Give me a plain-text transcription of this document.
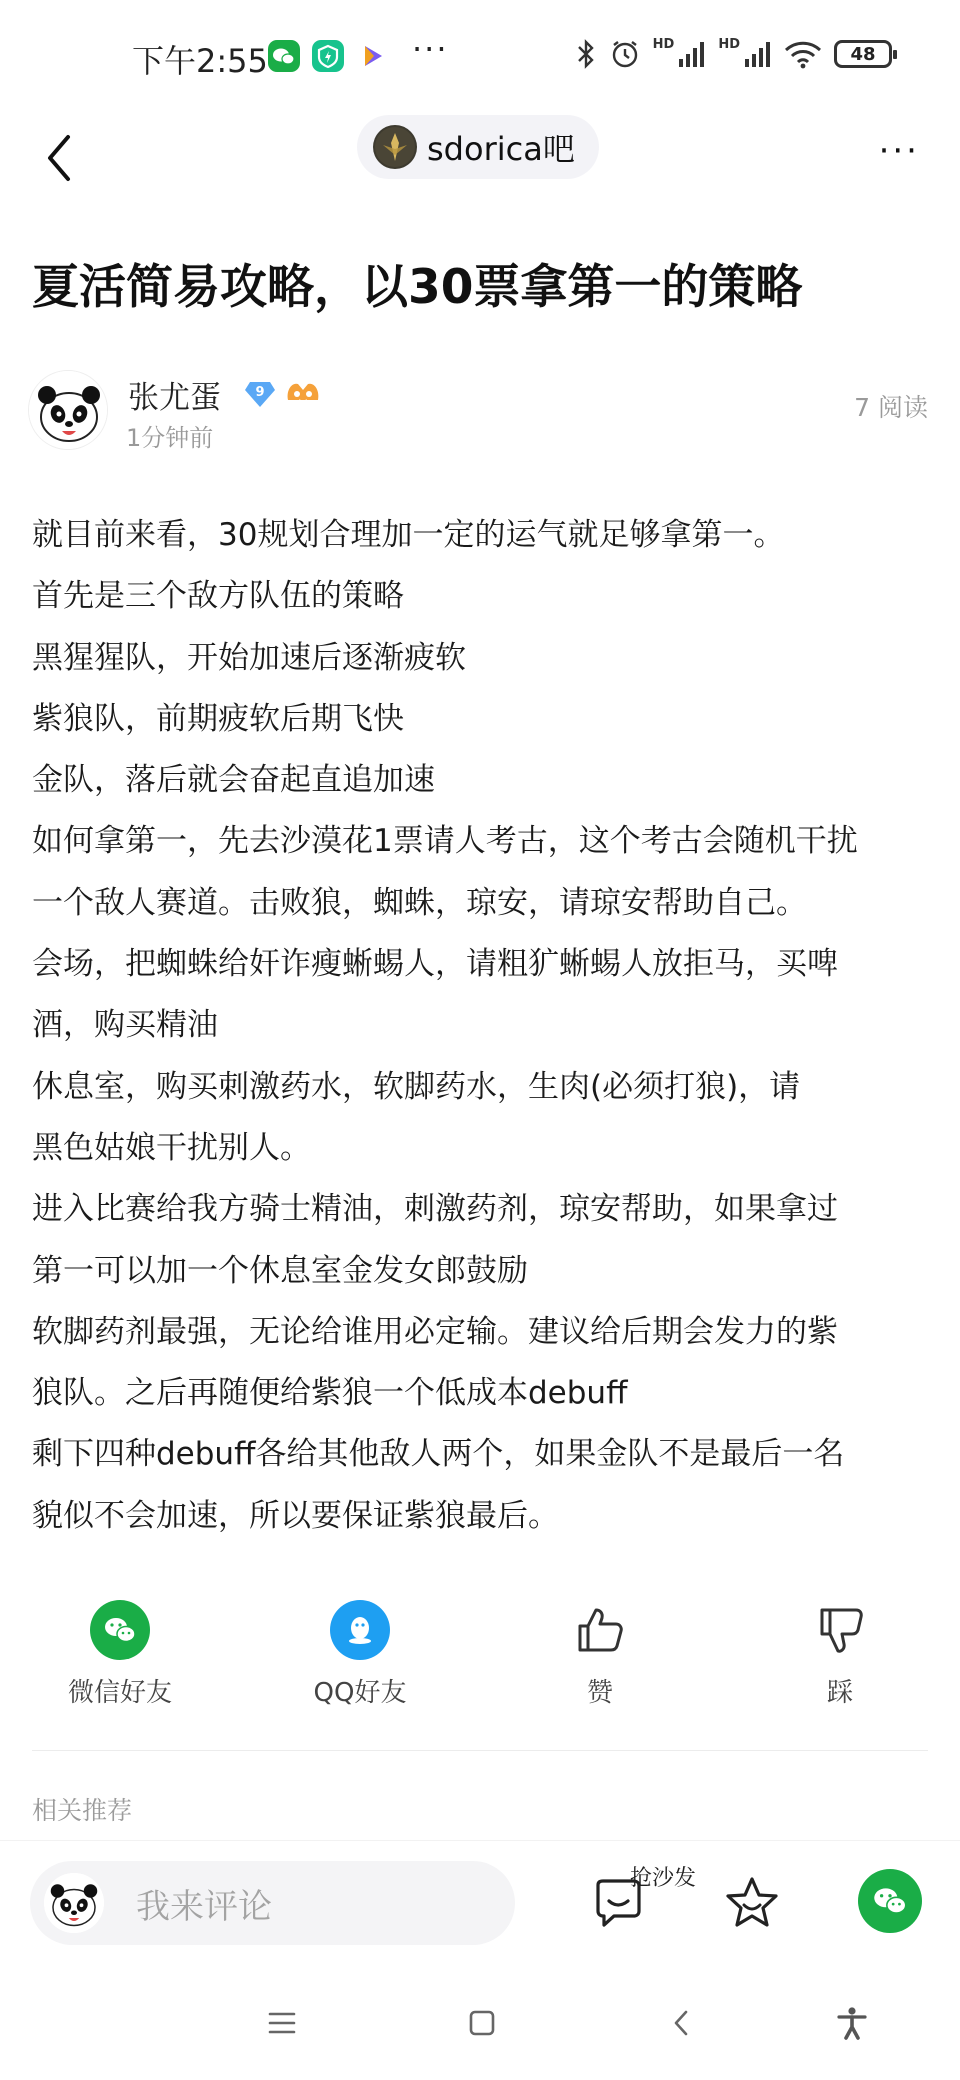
下午2:55	···	HD	HD	48
sdorica吧	···
夏活简易攻略，以30票拿第一的策略
张尤蛋	9
1分钟前
7 阅读
就目前来看，30规划合理加一定的运气就足够拿第一。
首先是三个敌方队伍的策略
黑猩猩队，开始加速后逐渐疲软
紫狼队，前期疲软后期飞快
金队，落后就会奋起直追加速
如何拿第一，先去沙漠花1票请人考古，这个考古会随机干扰
一个敌人赛道。击败狼，蜘蛛，琼安，请琼安帮助自己。
会场，把蜘蛛给奸诈瘦蜥蜴人，请粗犷蜥蜴人放拒马，买啤
酒，购买精油
休息室，购买刺激药水，软脚药水，生肉(必须打狼)，请
黑色姑娘干扰别人。
进入比赛给我方骑士精油，刺激药剂，琼安帮助，如果拿过
第一可以加一个休息室金发女郎鼓励
软脚药剂最强，无论给谁用必定输。建议给后期会发力的紫
狼队。之后再随便给紫狼一个低成本debuff
剩下四种debuff各给其他敌人两个，如果金队不是最后一名
貌似不会加速，所以要保证紫狼最后。
微信好友	QQ好友	赞	踩
相关推荐
我来评论
抢沙发
